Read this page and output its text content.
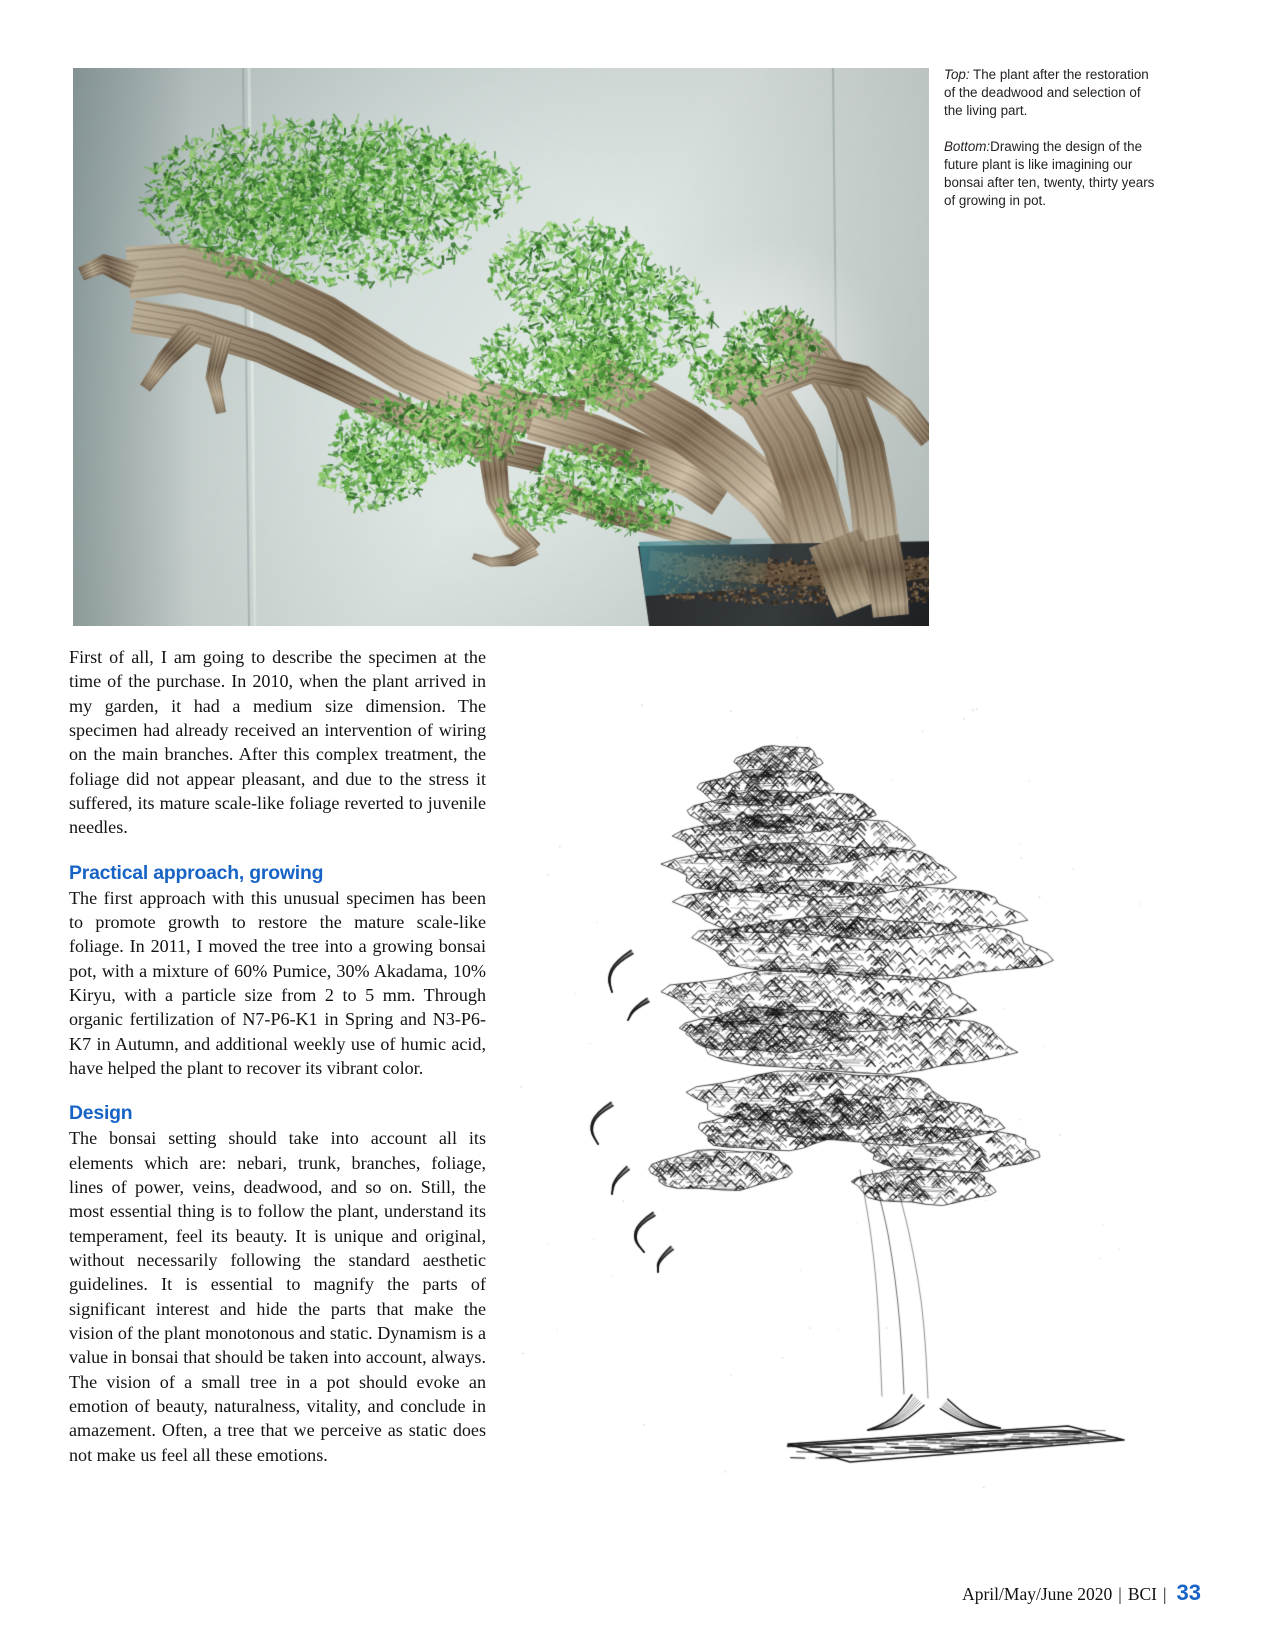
Top: The plant after the restoration of the deadwood and selection of the living part.
Bottom:Drawing the design of the future plant is like imagining our bonsai after ten, twenty, thirty years of growing in pot.

First of all, I am going to describe the specimen at the time of the purchase. In 2010, when the plant arrived in my garden, it had a medium size dimension. The specimen had already received an intervention of wiring on the main branches. After this complex treatment, the foliage did not appear pleasant, and due to the stress it suffered, its mature scale-like foliage reverted to juvenile needles.

Practical approach, growing

The first approach with this unusual specimen has been to promote growth to restore the mature scale-like foliage. In 2011, I moved the tree into a growing bonsai pot, with a mixture of 60% Pumice, 30% Akadama, 10% Kiryu, with a particle size from 2 to 5 mm. Through organic fertilization of N7-P6-K1 in Spring and N3-P6-K7 in Autumn, and additional weekly use of humic acid, have helped the plant to recover its vibrant color.

Design

The bonsai setting should take into account all its elements which are: nebari, trunk, branches, foliage, lines of power, veins, deadwood, and so on. Still, the most essential thing is to follow the plant, understand its temperament, feel its beauty. It is unique and original, without necessarily following the standard aesthetic guidelines. It is essential to magnify the parts of significant interest and hide the parts that make the vision of the plant monotonous and static. Dynamism is a value in bonsai that should be taken into account, always. The vision of a small tree in a pot should evoke an emotion of beauty, naturalness, vitality, and conclude in amazement. Often, a tree that we perceive as static does not make us feel all these emotions.

April/May/June 2020 | BCI | 33
